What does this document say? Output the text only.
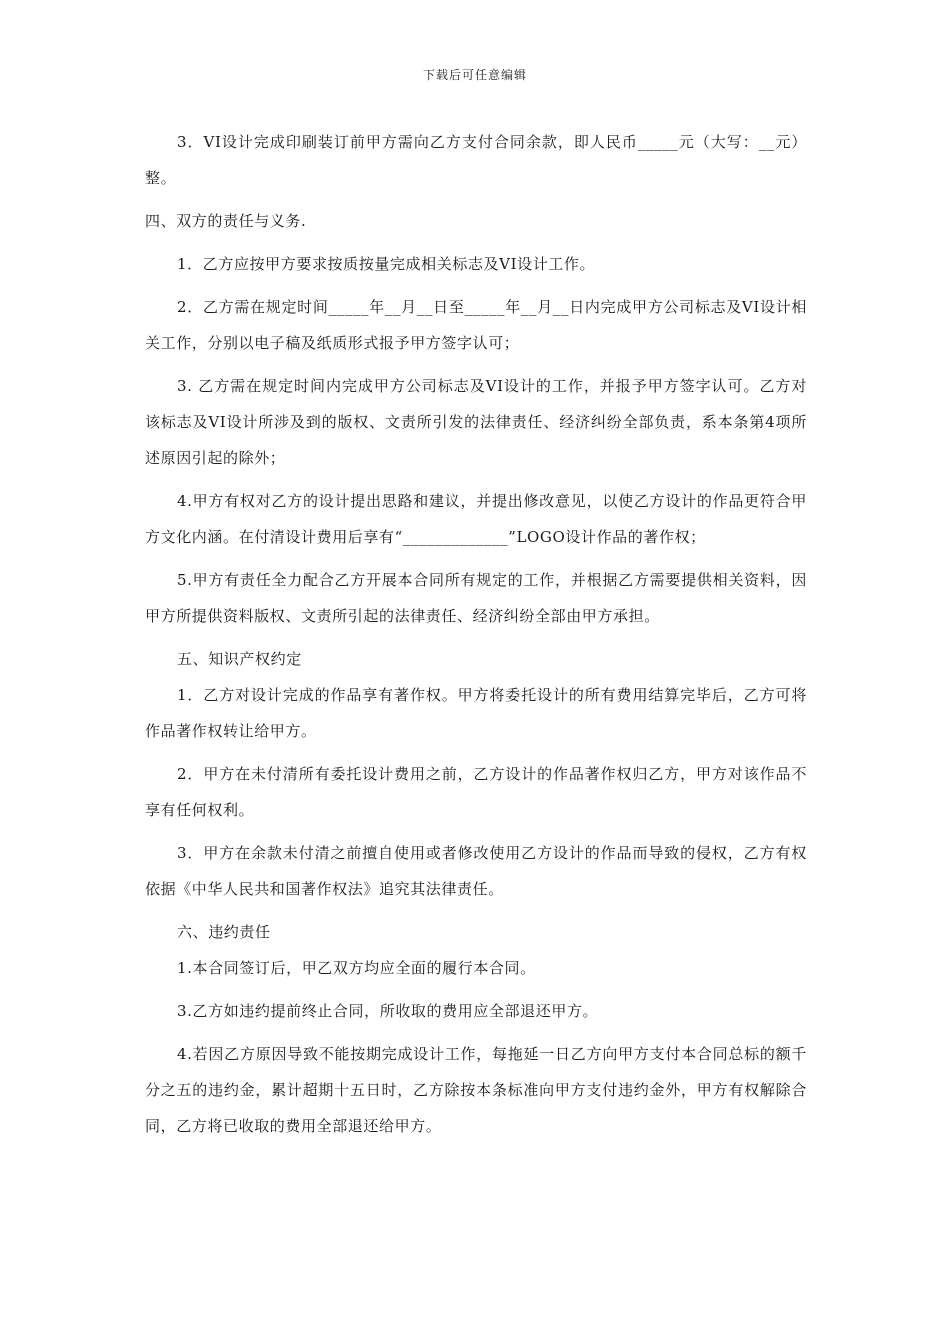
下载后可任意编辑

3．VI设计完成印刷装订前甲方需向乙方支付合同余款，即人民币_____元（大写：__元）整。

四、双方的责任与义务.

1．乙方应按甲方要求按质按量完成相关标志及VI设计工作。

2．乙方需在规定时间_____年__月__日至_____年__月__日内完成甲方公司标志及VI设计相关工作，分别以电子稿及纸质形式报予甲方签字认可；

3. 乙方需在规定时间内完成甲方公司标志及VI设计的工作，并报予甲方签字认可。乙方对该标志及VI设计所涉及到的版权、文责所引发的法律责任、经济纠纷全部负责，系本条第4项所述原因引起的除外；

4.甲方有权对乙方的设计提出思路和建议，并提出修改意见，以使乙方设计的作品更符合甲方文化内涵。在付清设计费用后享有“_____________”LOGO设计作品的著作权；

5.甲方有责任全力配合乙方开展本合同所有规定的工作，并根据乙方需要提供相关资料，因甲方所提供资料版权、文责所引起的法律责任、经济纠纷全部由甲方承担。

五、知识产权约定

1．乙方对设计完成的作品享有著作权。甲方将委托设计的所有费用结算完毕后，乙方可将作品著作权转让给甲方。

2．甲方在未付清所有委托设计费用之前，乙方设计的作品著作权归乙方，甲方对该作品不享有任何权利。

3．甲方在余款未付清之前擅自使用或者修改使用乙方设计的作品而导致的侵权，乙方有权依据《中华人民共和国著作权法》追究其法律责任。

六、违约责任

1.本合同签订后，甲乙双方均应全面的履行本合同。

3.乙方如违约提前终止合同，所收取的费用应全部退还甲方。

4.若因乙方原因导致不能按期完成设计工作，每拖延一日乙方向甲方支付本合同总标的额千分之五的违约金，累计超期十五日时，乙方除按本条标准向甲方支付违约金外，甲方有权解除合同，乙方将已收取的费用全部退还给甲方。
